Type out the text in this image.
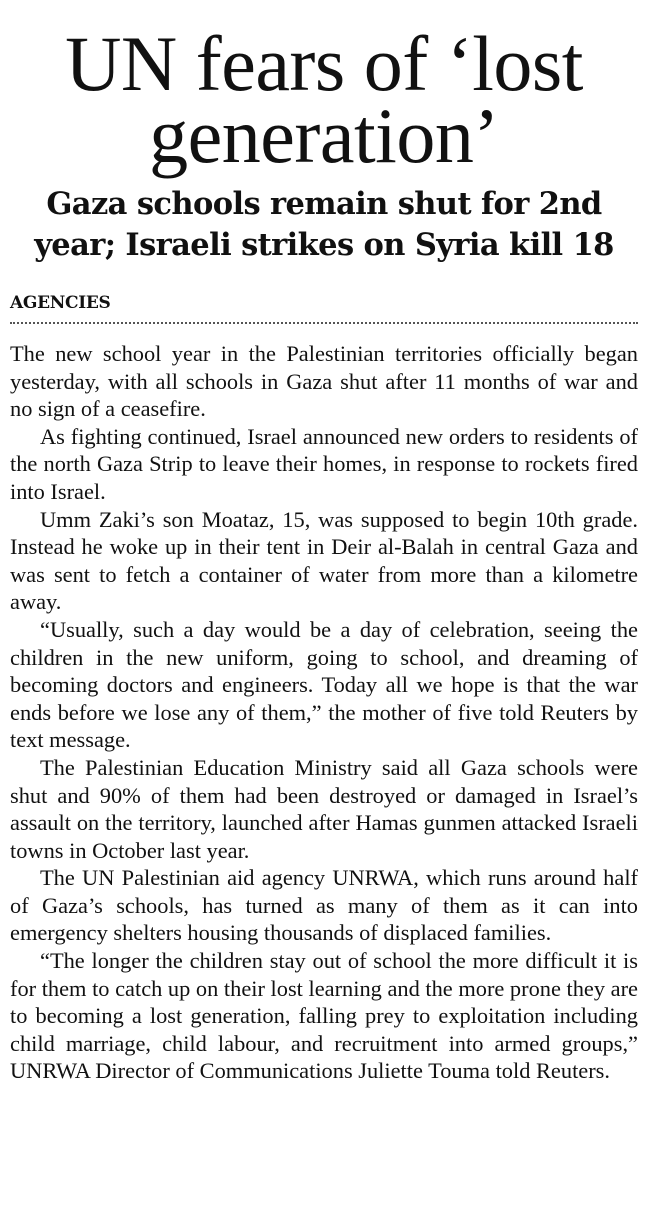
UN fears of ‘lost
generation’
Gaza schools remain shut for 2nd
year; Israeli strikes on Syria kill 18
AGENCIES

The new school year in the Palestinian territories officially began yesterday, with all schools in Gaza shut after 11 months of war and no sign of a ceasefire.

As fighting continued, Israel announced new orders to residents of the north Gaza Strip to leave their homes, in response to rockets fired into Israel.

Umm Zaki’s son Moataz, 15, was supposed to begin 10th grade. Instead he woke up in their tent in Deir al-Balah in central Gaza and was sent to fetch a container of water from more than a kilometre away.

“Usually, such a day would be a day of celebration, seeing the children in the new uniform, going to school, and dreaming of becoming doctors and engineers. Today all we hope is that the war ends before we lose any of them,” the mother of five told Reuters by text message.

The Palestinian Education Ministry said all Gaza schools were shut and 90% of them had been destroyed or damaged in Israel’s assault on the territory, launched after Hamas gunmen attacked Israeli towns in October last year.

The UN Palestinian aid agency UNRWA, which runs around half of Gaza’s schools, has turned as many of them as it can into emergency shelters housing thousands of displaced families.

“The longer the children stay out of school the more difficult it is for them to catch up on their lost learning and the more prone they are to becoming a lost generation, falling prey to exploitation including child marriage, child labour, and recruitment into armed groups,” UNRWA Director of Communications Juliette Touma told Reuters.
